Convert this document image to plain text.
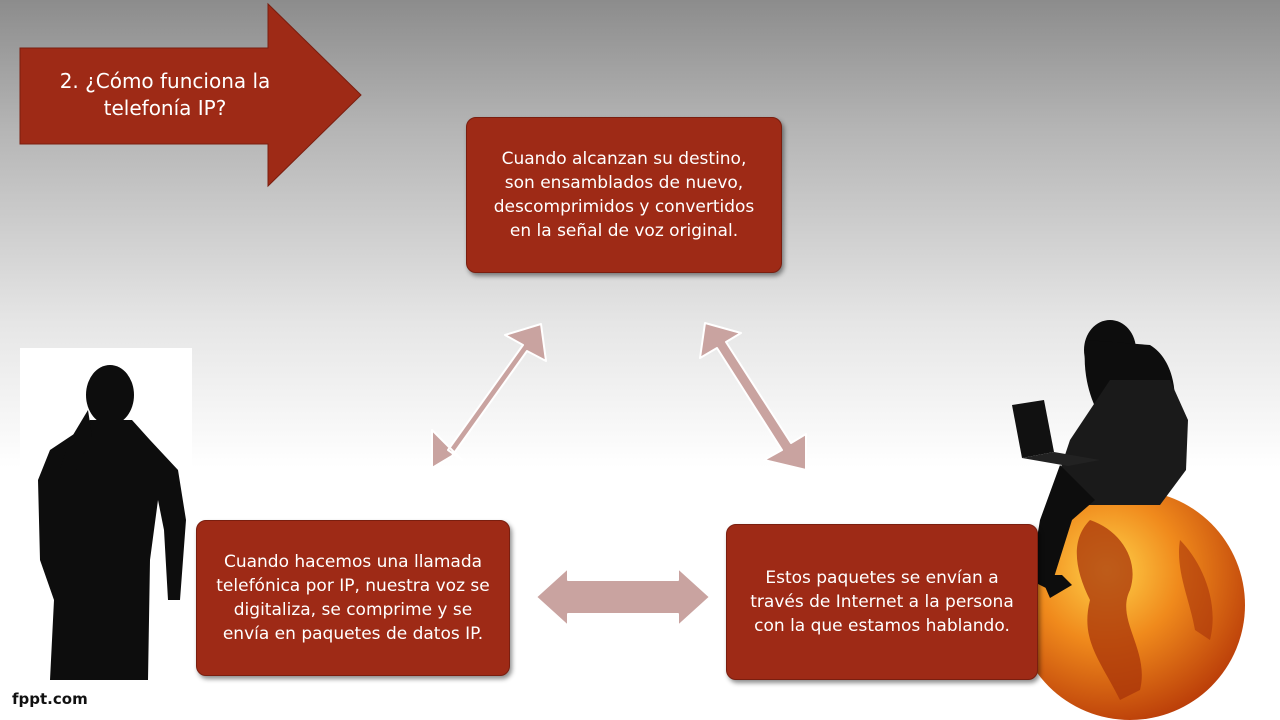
2. ¿Cómo funciona la telefonía IP?
Cuando alcanzan su destino, son ensamblados de nuevo, descomprimidos y convertidos en la señal de voz original.
Cuando hacemos una llamada telefónica por IP, nuestra voz se digitaliza, se comprime y se envía en paquetes de datos IP.
Estos paquetes se envían a través de Internet a la persona con la que estamos hablando.
fppt.com
